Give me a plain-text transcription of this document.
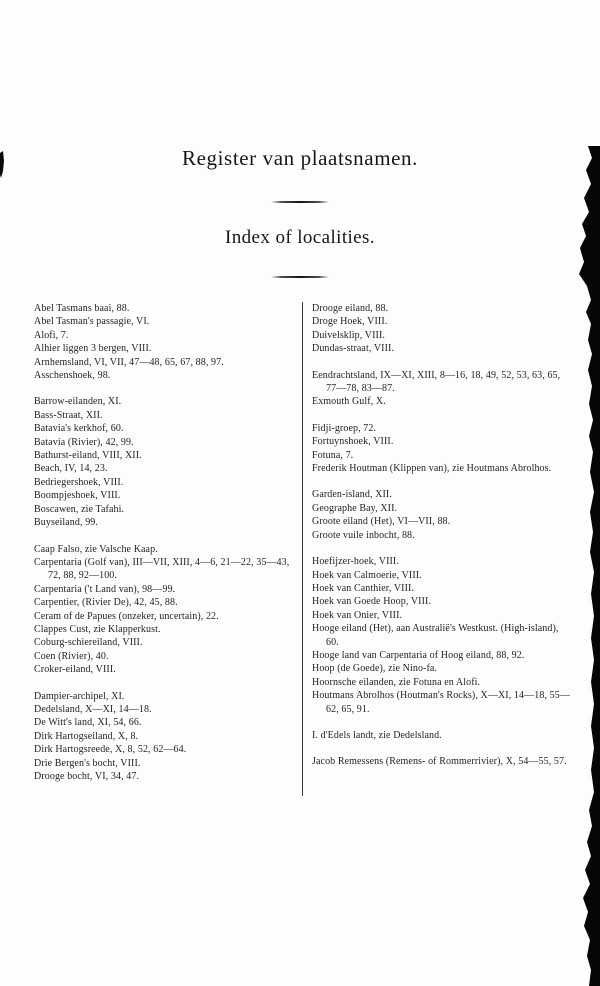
Register van plaatsnamen.
Index of localities.

Abel Tasmans baai, 88.

Abel Tasman's passagie, VI.

Alofi, 7.

Alhier liggen 3 bergen, VIII.

Arnhemsland, VI, VII, 47—48, 65, 67, 88, 97.

Asschenshoek, 98.

Barrow-eilanden, XI.

Bass-Straat, XII.

Batavia's kerkhof, 60.

Batavia (Rivier), 42, 99.

Bathurst-eiland, VIII, XII.

Beach, IV, 14, 23.

Bedriegershoek, VIII.

Boompjeshoek, VIII.

Boscawen, zie Tafahi.

Buyseiland, 99.

Caap Falso, zie Valsche Kaap.

Carpentaria (Golf van), III—VII, XIII, 4—6, 21—22, 35—43, 72, 88, 92—100.

Carpentaria ('t Land van), 98—99.

Carpentier, (Rivier De), 42, 45, 88.

Ceram of de Papues (onzeker, uncertain), 22.

Clappes Cust, zie Klapperkust.

Coburg-schiereiland, VIII.

Coen (Rivier), 40.

Croker-eiland, VIII.

Dampier-archipel, XI.

Dedelsland, X—XI, 14—18.

De Witt's land, XI, 54, 66.

Dirk Hartogseiland, X, 8.

Dirk Hartogsreede, X, 8, 52, 62—64.

Drie Bergen's bocht, VIII.

Drooge bocht, VI, 34, 47.

Drooge eiland, 88.

Droge Hoek, VIII.

Duivelsklip, VIII.

Dundas-straat, VIII.

Eendrachtsland, IX—XI, XIII, 8—16, 18, 49, 52, 53, 63, 65, 77—78, 83—87.

Exmouth Gulf, X.

Fidji-groep, 72.

Fortuynshoek, VIII.

Fotuna, 7.

Frederik Houtman (Klippen van), zie Houtmans Abrolhos.

Garden-island, XII.

Geographe Bay, XII.

Groote eiland (Het), VI—VII, 88.

Groote vuile inbocht, 88.

Hoefijzer-hoek, VIII.

Hoek van Calmoerie, VIII.

Hoek van Canthier, VIII.

Hoek van Goede Hoop, VIII.

Hoek van Onier, VIII.

Hooge eiland (Het), aan Australië's Westkust. (High-island), 60.

Hooge land van Carpentaria of Hoog eiland, 88, 92.

Hoop (de Goede), zie Nino-fa.

Hoornsche eilanden, zie Fotuna en Alofi.

Houtmans Abrolhos (Houtman's Rocks), X—XI, 14—18, 55—62, 65, 91.

I. d'Edels landt, zie Dedelsland.

Jacob Remessens (Remens- of Rommerrivier), X, 54—55, 57.
